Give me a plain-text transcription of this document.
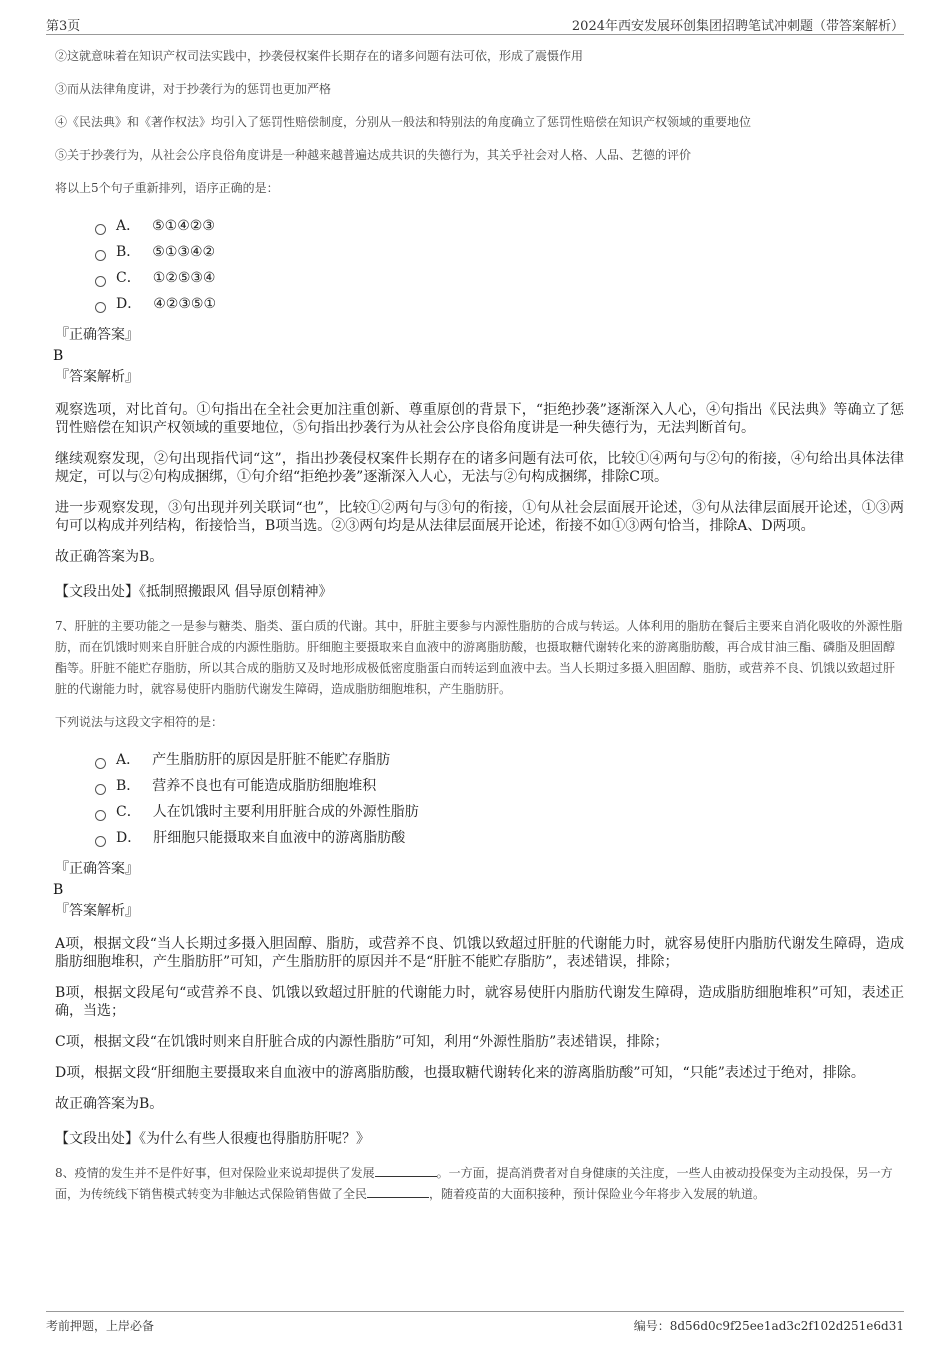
第3页	2024年西安发展环创集团招聘笔试冲刺题（带答案解析）

②这就意味着在知识产权司法实践中，抄袭侵权案件长期存在的诸多问题有法可依，形成了震慑作用

③而从法律角度讲，对于抄袭行为的惩罚也更加严格

④《民法典》和《著作权法》均引入了惩罚性赔偿制度，分别从一般法和特别法的角度确立了惩罚性赔偿在知识产权领域的重要地位

⑤关于抄袭行为，从社会公序良俗角度讲是一种越来越普遍达成共识的失德行为，其关乎社会对人格、人品、艺德的评价

将以上5个句子重新排列，语序正确的是：

A． ⑤①④②③
B． ⑤①③④②
C． ①②⑤③④
D． ④②③⑤①
『正确答案』
B
『答案解析』

观察选项，对比首句。①句指出在全社会更加注重创新、尊重原创的背景下，“拒绝抄袭”逐渐深入人心，④句指出《民法典》等确立了惩罚性赔偿在知识产权领域的重要地位，⑤句指出抄袭行为从社会公序良俗角度讲是一种失德行为，无法判断首句。

继续观察发现，②句出现指代词“这”，指出抄袭侵权案件长期存在的诸多问题有法可依，比较①④两句与②句的衔接，④句给出具体法律规定，可以与②句构成捆绑，①句介绍“拒绝抄袭”逐渐深入人心，无法与②句构成捆绑，排除C项。

进一步观察发现，③句出现并列关联词“也”，比较①②两句与③句的衔接，①句从社会层面展开论述，③句从法律层面展开论述，①③两句可以构成并列结构，衔接恰当，B项当选。②③两句均是从法律层面展开论述，衔接不如①③两句恰当，排除A、D两项。

故正确答案为B。

【文段出处】《抵制照搬跟风 倡导原创精神》

7、肝脏的主要功能之一是参与糖类、脂类、蛋白质的代谢。其中，肝脏主要参与内源性脂肪的合成与转运。人体利用的脂肪在餐后主要来自消化吸收的外源性脂肪，而在饥饿时则来自肝脏合成的内源性脂肪。肝细胞主要摄取来自血液中的游离脂肪酸，也摄取糖代谢转化来的游离脂肪酸，再合成甘油三酯、磷脂及胆固醇酯等。肝脏不能贮存脂肪，所以其合成的脂肪又及时地形成极低密度脂蛋白而转运到血液中去。当人长期过多摄入胆固醇、脂肪，或营养不良、饥饿以致超过肝脏的代谢能力时，就容易使肝内脂肪代谢发生障碍，造成脂肪细胞堆积，产生脂肪肝。

下列说法与这段文字相符的是：

A． 产生脂肪肝的原因是肝脏不能贮存脂肪
B． 营养不良也有可能造成脂肪细胞堆积
C． 人在饥饿时主要利用肝脏合成的外源性脂肪
D． 肝细胞只能摄取来自血液中的游离脂肪酸
『正确答案』
B
『答案解析』

A项，根据文段“当人长期过多摄入胆固醇、脂肪，或营养不良、饥饿以致超过肝脏的代谢能力时，就容易使肝内脂肪代谢发生障碍，造成脂肪细胞堆积，产生脂肪肝”可知，产生脂肪肝的原因并不是“肝脏不能贮存脂肪”，表述错误，排除；

B项，根据文段尾句“或营养不良、饥饿以致超过肝脏的代谢能力时，就容易使肝内脂肪代谢发生障碍，造成脂肪细胞堆积”可知，表述正确，当选；

C项，根据文段“在饥饿时则来自肝脏合成的内源性脂肪”可知，利用“外源性脂肪”表述错误，排除；

D项，根据文段“肝细胞主要摄取来自血液中的游离脂肪酸，也摄取糖代谢转化来的游离脂肪酸”可知，“只能”表述过于绝对，排除。

故正确答案为B。

【文段出处】《为什么有些人很瘦也得脂肪肝呢？》

8、疫情的发生并不是件好事，但对保险业来说却提供了发展	。一方面，提高消费者对自身健康的关注度，一些人由被动投保变为主动投保，另一方面，为传统线下销售模式转变为非触达式保险销售做了全民	，随着疫苗的大面积接种，预计保险业今年将步入发展的轨道。

考前押题，上岸必备	编号：8d56d0c9f25ee1ad3c2f102d251e6d31
